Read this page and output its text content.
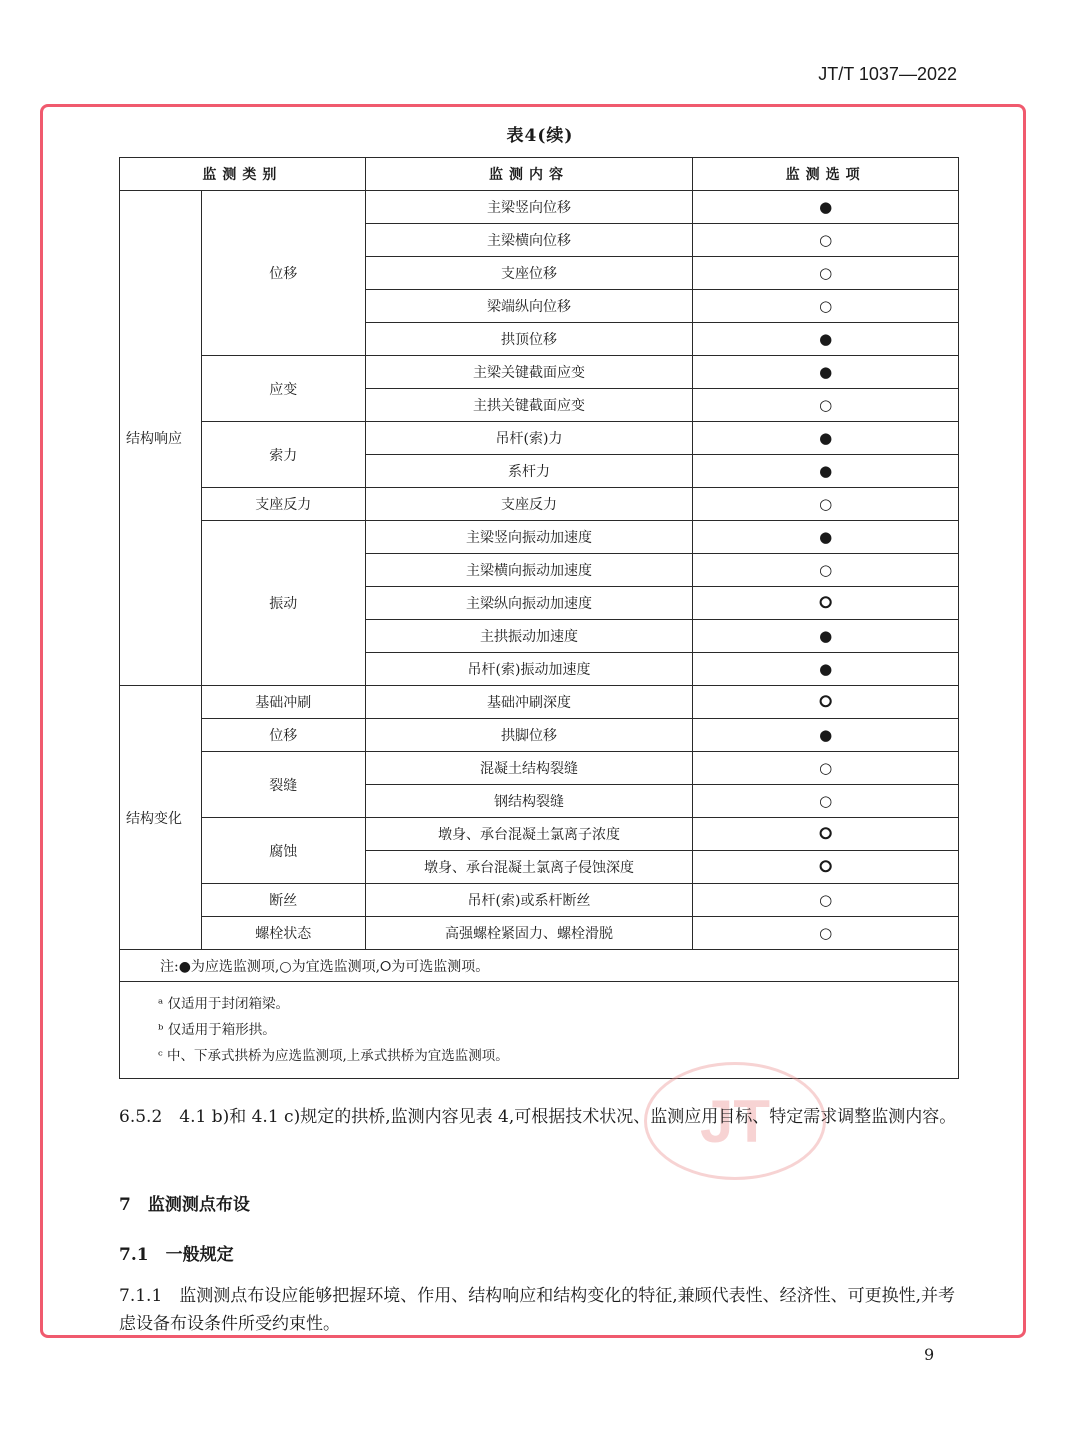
JT/T 1037—2022
表4(续)
监测类别		监测内容	监测选项
结构响应	位移	主梁竖向位移	●
		主梁横向位移	○
		支座位移	○
		梁端纵向位移	○
		拱顶位移	●
	应变	主梁关键截面应变	●
		主拱关键截面应变	○
	索力	吊杆(索)力	●
		系杆力	●
	支座反力	支座反力	○
	振动	主梁竖向振动加速度	●
		主梁横向振动加速度	○
		主梁纵向振动加速度	⭘
		主拱振动加速度	●
		吊杆(索)振动加速度	●
结构变化	基础冲刷	基础冲刷深度	⭘
	位移	拱脚位移	●
	裂缝	混凝土结构裂缝	○
		钢结构裂缝	○
	腐蚀	墩身、承台混凝土氯离子浓度	⭘
		墩身、承台混凝土氯离子侵蚀深度	⭘
	断丝	吊杆(索)或系杆断丝	○
	螺栓状态	高强螺栓紧固力、螺栓滑脱	○
注:●为应选监测项,○为宜选监测项,⭘为可选监测项。			

ᵃ 仅适用于封闭箱梁。
ᵇ 仅适用于箱形拱。
ᶜ 中、下承式拱桥为应选监测项,上承式拱桥为宜选监测项。			
JT
6.5.2　4.1 b)和 4.1 c)规定的拱桥,监测内容见表 4,可根据技术状况、监测应用目标、特定需求调整监测内容。
7　监测测点布设
7.1　一般规定
7.1.1　监测测点布设应能够把握环境、作用、结构响应和结构变化的特征,兼顾代表性、经济性、可更换性,并考虑设备布设条件所受约束性。
9
